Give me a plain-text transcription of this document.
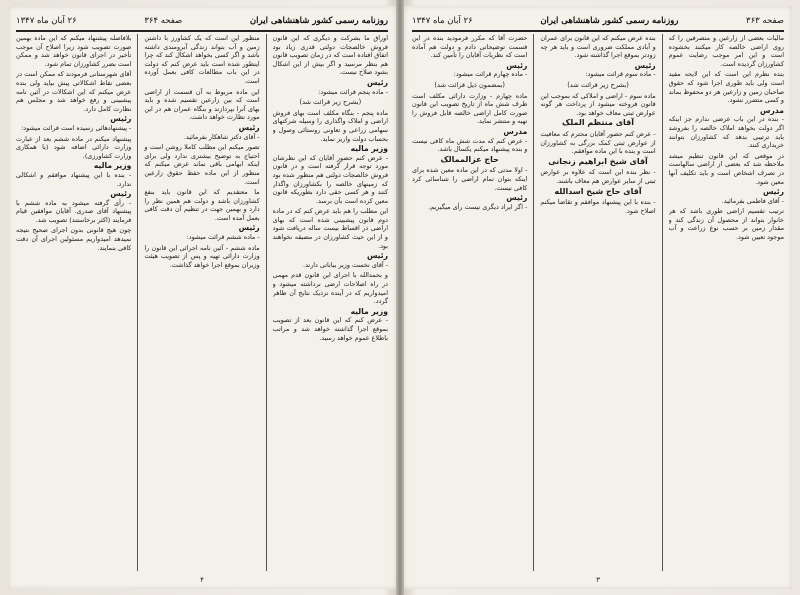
روزنامه رسمی کشور شاهنشاهی ایران
صفحه ۳۶۴
۲۶ آبان ماه ۱۳۴۷

اوراق ما بشرکت و دیگری که این قانون فروش خالصجات دولتی قدری زیاد بود اتفاق افتاده است که در زمان تصویب قانون هم بنظر مرسید و اگر بیش از این اشکال بشود صلاح نیست.

رئیس

- ماده پنجم قرائت میشود:

(بشرح زیر قرائت شد)

ماده پنجم - بنگاه مکلف است بهای فروش اراضی و املاک واگذاری را وسیله شرکتهای سهامی زراعی و تعاونی روستائی وصول و بحساب دولت واریز نماید.

وزیر مالیه

- عرض کنم حضور آقایان که این نظرشان مورد توجه قرار گرفته است و در قانون فروش خالصجات دولتی هم منظور شده بود که زمینهای خالصه را بکشاورزان واگذار کنند و هر کسی حقی دارد بطوریکه قانون معین کرده است بآن برسد.

این مطلب را هم باید عرض کنم که در ماده دوم قانون پیشبینی شده است که بهای اراضی در اقساط بیست ساله دریافت شود و از این حیث کشاورزان در مضیقه نخواهند بود.

رئیس

- آقای نخست وزیر بیاناتی دارند.

و بحمدالله با اجرای این قانون قدم مهمی در راه اصلاحات ارضی برداشته میشود و امیدواریم که در آینده نزدیک نتایج آن ظاهر گردد.

وزیر مالیه

- عرض کنم که این قانون بعد از تصویب بموقع اجرا گذاشته خواهد شد و مراتب باطلاع عموم خواهد رسید.

منظور این است که یک کشاورز با داشتن زمین و آب بتواند زندگی آبرومندی داشته باشد و اگر کسی بخواهد اشکال کند که چرا اینطور شده است باید عرض کنم که دولت در این باب مطالعات کافی بعمل آورده است.

این ماده مربوط به آن قسمت از اراضی است که بین زارعین تقسیم شده و باید بهای آنرا بپردازند و بنگاه عمران هم در این مورد نظارت خواهد داشت.

رئیس

- آقای دکتر شاهکار بفرمائید.

تصور میکنم این مطلب کاملا روشن است و احتیاج به توضیح بیشتری ندارد ولی برای اینکه ابهامی باقی نماند عرض میکنم که منظور از این ماده حفظ حقوق زارعین است.

ما معتقدیم که این قانون باید بنفع کشاورزان باشد و دولت هم همین نظر را دارد و بهمین جهت در تنظیم آن دقت کافی بعمل آمده است.

رئیس

- ماده ششم قرائت میشود:

ماده ششم - آئین نامه اجرائی این قانون را وزارت دارائی تهیه و پس از تصویب هیئت وزیران بموقع اجرا خواهد گذاشت.

بلافاصله پیشنهاد میکنم که این ماده بهمین صورت تصویب شود زیرا اصلاح آن موجب تأخیر در اجرای قانون خواهد شد و ممکن است بضرر کشاورزان تمام شود.

آقای شهرستانی فرمودند که ممکن است در بعضی نقاط اشکالاتی پیش بیاید ولی بنده عرض میکنم که این اشکالات در آئین نامه پیشبینی و رفع خواهد شد و مجلس هم نظارت کامل دارد.

رئیس

- پیشنهادهائی رسیده است قرائت میشود:

پیشنهاد میکنم در ماده ششم بعد از عبارت وزارت دارائی اضافه شود (با همکاری وزارت کشاورزی).

وزیر مالیه

- بنده با این پیشنهاد موافقم و اشکالی ندارد.

رئیس

- رأی گرفته میشود به ماده ششم با پیشنهاد آقای صدری. آقایان موافقین قیام فرمایند (اکثر برخاستند) تصویب شد.

چون هیچ قانونی بدون اجرای صحیح نتیجه نمیدهد امیدواریم مسئولین اجرای آن دقت کافی بنمایند.

۴
صفحه ۳۶۳
روزنامه رسمی کشور شاهنشاهی ایران
۲۶ آبان ماه ۱۳۴۷

مالیات بعضی از زارعین و متصرفین را که روی اراضی خالصه کار میکنند بخشوده است و این امر موجب رضایت عموم کشاورزان گردیده است.

بنده نظرم این است که این لایحه مفید است ولی باید طوری اجرا شود که حقوق صاحبان زمین و زارعین هر دو محفوظ بماند و کسی متضرر نشود.

مدرس

- بنده در این باب عرضی ندارم جز اینکه اگر دولت بخواهد املاک خالصه را بفروشد باید ترتیبی بدهد که کشاورزان بتوانند خریداری کنند.

در موقعی که این قانون تنظیم میشد ملاحظه شد که بعضی از اراضی سالهاست در تصرف اشخاص است و باید تکلیف آنها معین شود.

رئیس

- آقای فاطمی بفرمائید.

ترتیب تقسیم اراضی طوری باشد که هر خانوار بتواند از محصول آن زندگی کند و مقدار زمین بر حسب نوع زراعت و آب موجود تعیین شود.

بنده عرض میکنم که این قانون برای عمران و آبادی مملکت ضروری است و باید هر چه زودتر بموقع اجرا گذاشته شود.

رئیس

- ماده سوم قرائت میشود:

(بشرح زیر قرائت شد)

ماده سوم - اراضی و املاکی که بموجب این قانون فروخته میشود از پرداخت هر گونه عوارض ثبتی معاف خواهد بود.

آقای منتظم الملک

- عرض کنم حضور آقایان محترم که معافیت از عوارض ثبتی کمک بزرگی به کشاورزان است و بنده با این ماده موافقم.

آقای شیخ ابراهیم زنجانی

- نظر بنده این است که علاوه بر عوارض ثبتی از سایر عوارض هم معاف باشند.

آقای حاج شیخ اسدالله

- بنده با این پیشنهاد موافقم و تقاضا میکنم اصلاح شود.

حضرت آقا که مکرر فرمودید بنده در این قسمت توضیحاتی دادم و دولت هم آماده است که نظریات آقایان را تأمین کند.

رئیس

- ماده چهارم قرائت میشود:

(بمضمون ذیل قرائت شد)

ماده چهارم - وزارت دارائی مکلف است ظرف شش ماه از تاریخ تصویب این قانون صورت کامل اراضی خالصه قابل فروش را تهیه و منتشر نماید.

مدرس

- عرض کنم که مدت شش ماه کافی نیست و بنده پیشنهاد میکنم یکسال باشد.

حاج عزالممالک

- اولا مدتی که در این ماده معین شده برای اینکه بتوان تمام اراضی را شناسائی کرد کافی نیست.

رئیس

- اگر ایراد دیگری نیست رأی میگیریم.

۳
